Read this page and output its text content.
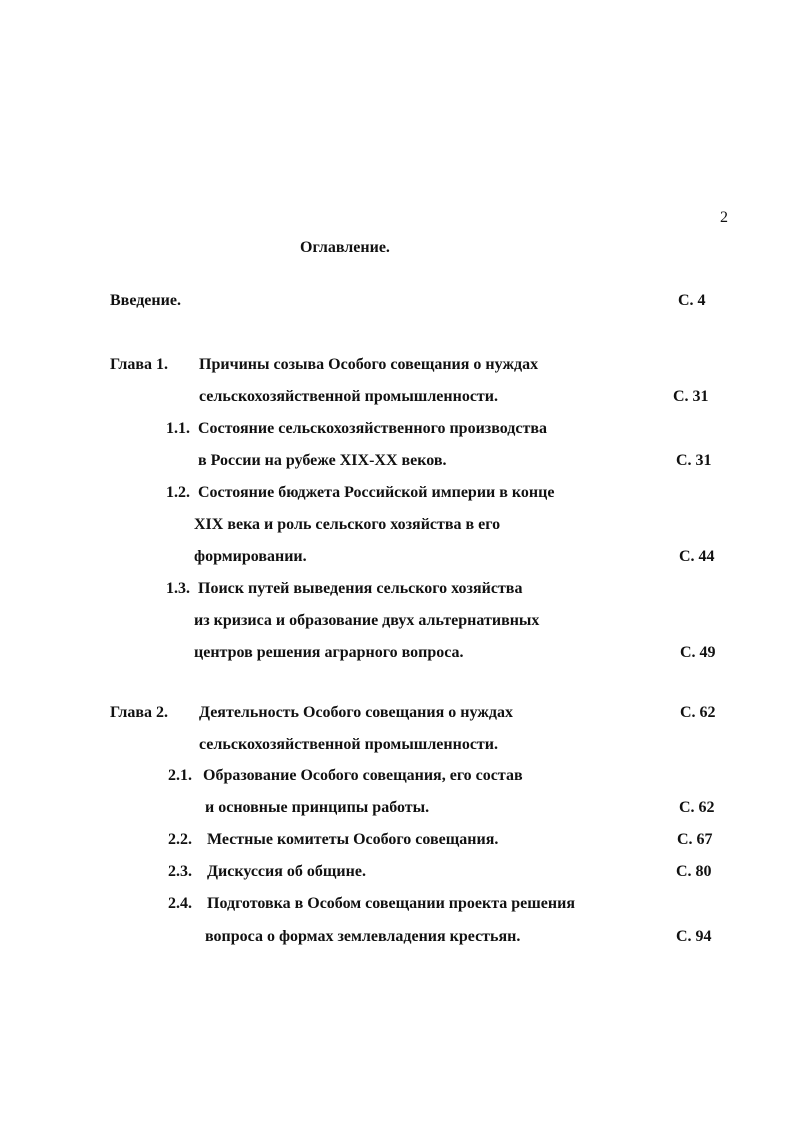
2
Оглавление.
Введение.	С. 4
Глава 1. Причины созыва Особого совещания о нуждах
сельскохозяйственной промышленности.	С. 31
1.1. Состояние сельскохозяйственного производства
в России на рубеже XIX-XX веков.	С. 31
1.2. Состояние бюджета Российской империи в конце
XIX века и роль сельского хозяйства в его
формировании.	С. 44
1.3. Поиск путей выведения сельского хозяйства
из кризиса и образование двух альтернативных
центров решения аграрного вопроса.	С. 49
Глава 2. Деятельность Особого совещания о нуждах	С. 62
сельскохозяйственной промышленности.
2.1. Образование Особого совещания, его состав
и основные принципы работы.	С. 62
2.2. Местные комитеты Особого совещания.	С. 67
2.3. Дискуссия об общине.	С. 80
2.4. Подготовка в Особом совещании проекта решения
вопроса о формах землевладения крестьян.	С. 94
